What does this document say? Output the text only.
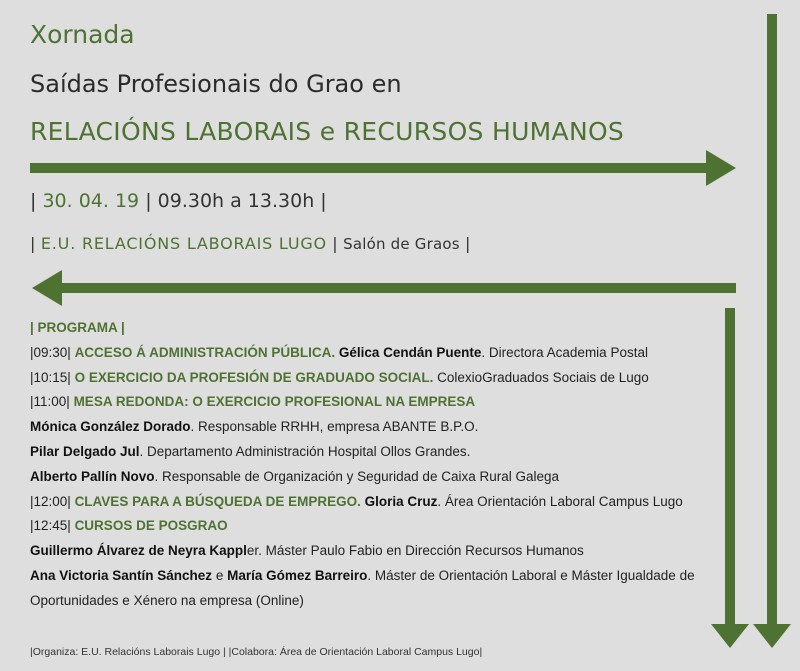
Xornada
Saídas Profesionais do Grao en
RELACIÓNS LABORAIS e RECURSOS HUMANOS
| 30. 04. 19 | 09.30h a 13.30h |
| E.U. RELACIÓNS LABORAIS LUGO | Salón de Graos |
| PROGRAMA |
|09:30| ACCESO Á ADMINISTRACIÓN PÚBLICA. Gélica Cendán Puente. Directora Academia Postal
|10:15| O EXERCICIO DA PROFESIÓN DE GRADUADO SOCIAL. ColexioGraduados Sociais de Lugo
|11:00| MESA REDONDA: O EXERCICIO PROFESIONAL NA EMPRESA
Mónica González Dorado. Responsable RRHH, empresa ABANTE B.P.O.
Pilar Delgado Jul. Departamento Administración Hospital Ollos Grandes.
Alberto Pallín Novo. Responsable de Organización y Seguridad de Caixa Rural Galega
|12:00| CLAVES PARA A BÚSQUEDA DE EMPREGO. Gloria Cruz. Área Orientación Laboral Campus Lugo
|12:45| CURSOS DE POSGRAO
Guillermo Álvarez de Neyra Kappler. Máster Paulo Fabio en Dirección Recursos Humanos
Ana Victoria Santín Sánchez e María Gómez Barreiro. Máster de Orientación Laboral e Máster Igualdade de Oportunidades e Xénero na empresa (Online)
|Organiza: E.U. Relacións Laborais Lugo | |Colabora: Área de Orientación Laboral Campus Lugo|
